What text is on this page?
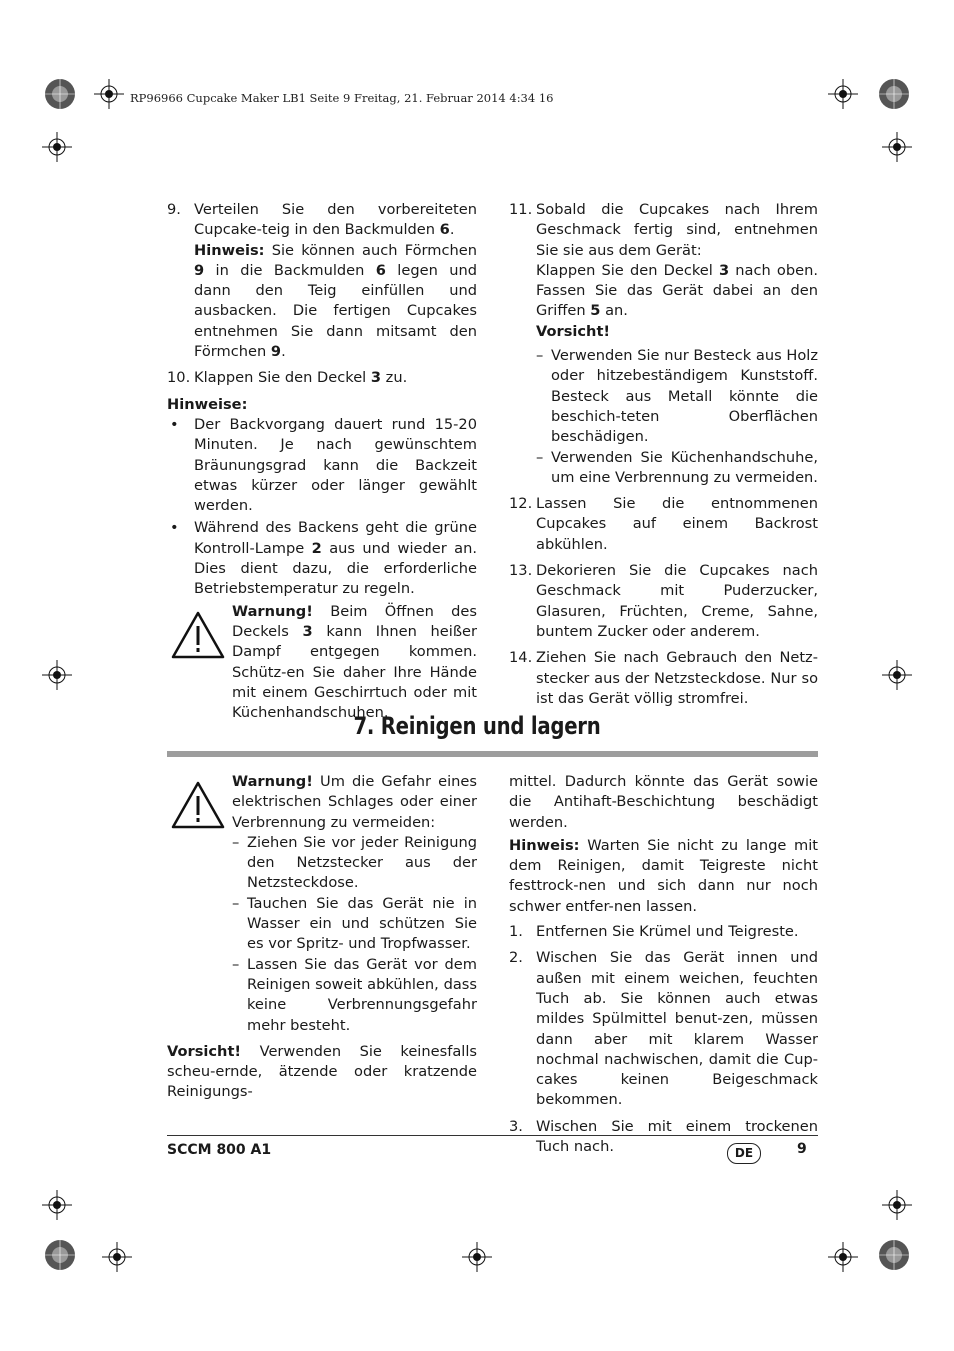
RP96966 Cupcake Maker LB1 Seite 9 Freitag, 21. Februar 2014 4:34 16
9. Verteilen Sie den vorbereiteten Cupcake-teig in den Backmulden 6.

Hinweis: Sie können auch Förmchen 9 in die Backmulden 6 legen und dann den Teig einfüllen und ausbacken. Die fertigen Cupcakes entnehmen Sie dann mitsamt den Förmchen 9.

10. Klappen Sie den Deckel 3 zu.

Hinweise:

• Der Backvorgang dauert rund 15-20 Minuten. Je nach gewünschtem Bräunungsgrad kann die Backzeit etwas kürzer oder länger gewählt werden.

• Während des Backens geht die grüne Kontroll-Lampe 2 aus und wieder an. Dies dient dazu, die erforderliche Betriebstemperatur zu regeln.

Warnung! Beim Öffnen des Deckels 3 kann Ihnen heißer Dampf entgegen kommen. Schütz-en Sie daher Ihre Hände mit einem Geschirrtuch oder mit Küchenhandschuhen.

11. Sobald die Cupcakes nach Ihrem Geschmack fertig sind, entnehmen Sie sie aus dem Gerät:

Klappen Sie den Deckel 3 nach oben. Fassen Sie das Gerät dabei an den Griffen 5 an.

Vorsicht!

– Verwenden Sie nur Besteck aus Holz oder hitzebeständigem Kunststoff. Besteck aus Metall könnte die beschich-teten Oberflächen beschädigen.

– Verwenden Sie Küchenhandschuhe, um eine Verbrennung zu vermeiden.

12. Lassen Sie die entnommenen Cupcakes auf einem Backrost abkühlen.

13. Dekorieren Sie die Cupcakes nach Geschmack mit Puderzucker, Glasuren, Früchten, Creme, Sahne, buntem Zucker oder anderem.

14. Ziehen Sie nach Gebrauch den Netz-stecker aus der Netzsteckdose. Nur so ist das Gerät völlig stromfrei.

7. Reinigen und lagern

Warnung! Um die Gefahr eines elektrischen Schlages oder einer Verbrennung zu vermeiden:

– Ziehen Sie vor jeder Reinigung den Netzstecker aus der Netzsteckdose.

– Tauchen Sie das Gerät nie in Wasser ein und schützen Sie es vor Spritz- und Tropfwasser.

– Lassen Sie das Gerät vor dem Reinigen soweit abkühlen, dass keine Verbrennungsgefahr mehr besteht.

Vorsicht! Verwenden Sie keinesfalls scheu-ernde, ätzende oder kratzende Reinigungs-

mittel. Dadurch könnte das Gerät sowie die Antihaft-Beschichtung beschädigt werden.

Hinweis: Warten Sie nicht zu lange mit dem Reinigen, damit Teigreste nicht festtrock-nen und sich dann nur noch schwer entfer-nen lassen.

1. Entfernen Sie Krümel und Teigreste.

2. Wischen Sie das Gerät innen und außen mit einem weichen, feuchten Tuch ab. Sie können auch etwas mildes Spülmittel benut-zen, müssen dann aber mit klarem Wasser nochmal nachwischen, damit die Cup-cakes keinen Beigeschmack bekommen.

3. Wischen Sie mit einem trockenen Tuch nach.

SCCM 800 A1	DE	9
